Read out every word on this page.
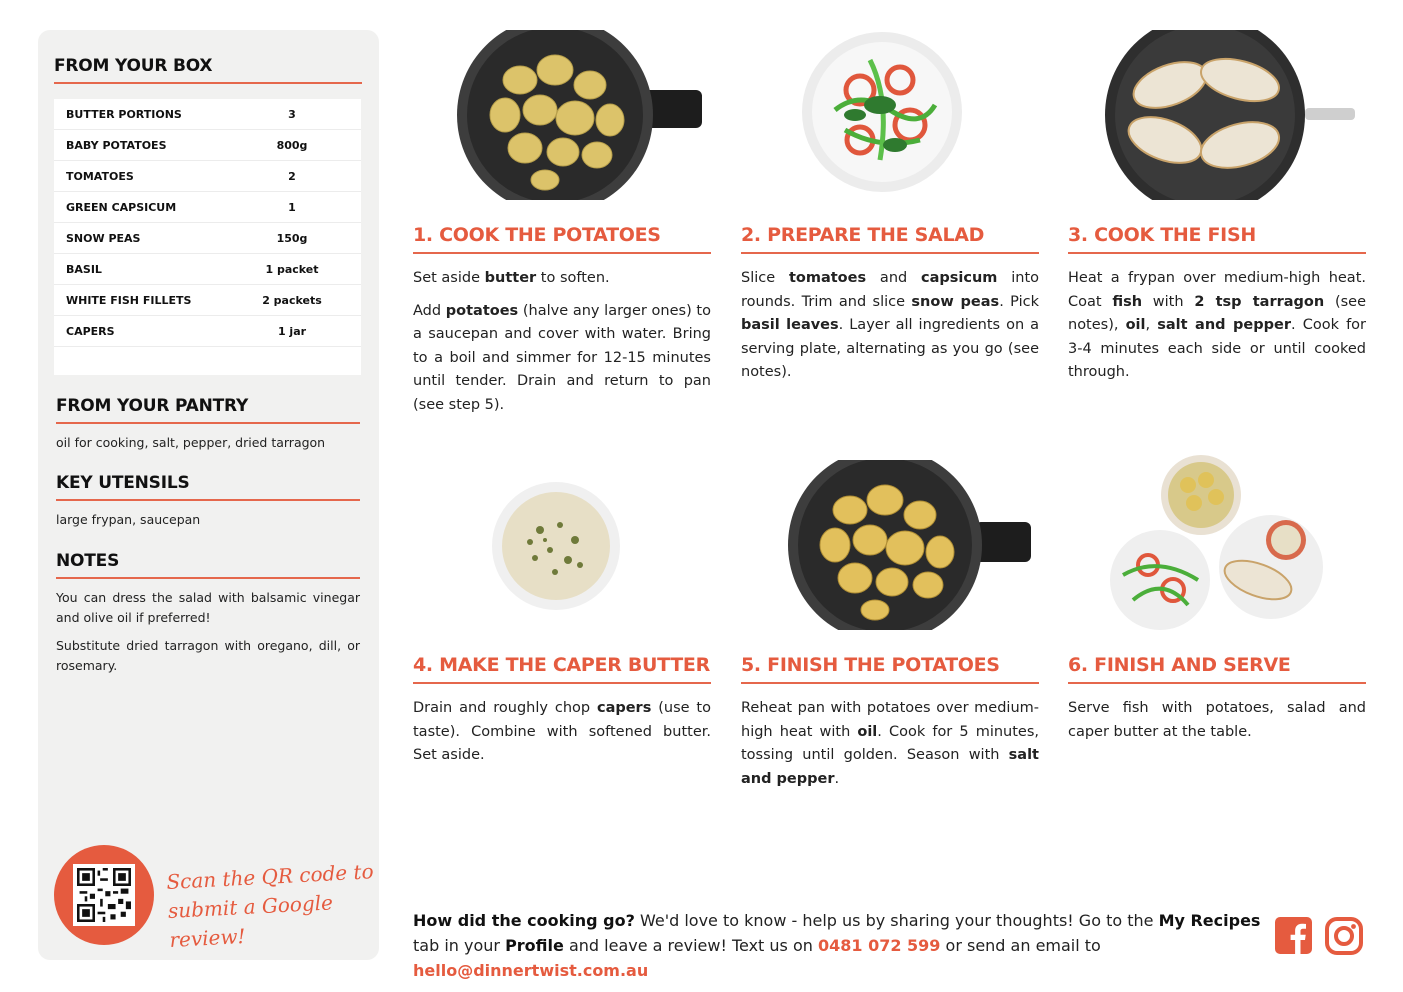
FROM YOUR BOX
BUTTER PORTIONS	3
BABY POTATOES	800g
TOMATOES	2
GREEN CAPSICUM	1
SNOW PEAS	150g
BASIL	1 packet
WHITE FISH FILLETS	2 packets
CAPERS	1 jar
FROM YOUR PANTRY

oil for cooking, salt, pepper, dried tarragon

KEY UTENSILS

large frypan, saucepan

NOTES

You can dress the salad with balsamic vinegar and olive oil if preferred!

Substitute dried tarragon with oregano, dill, or rosemary.

Scan the QR code to
submit a Google review!
1. COOK THE POTATOES

Set aside butter to soften.

Add potatoes (halve any larger ones) to a saucepan and cover with water. Bring to a boil and simmer for 12-15 minutes until tender. Drain and return to pan (see step 5).

2. PREPARE THE SALAD

Slice tomatoes and capsicum into rounds. Trim and slice snow peas. Pick basil leaves. Layer all ingredients on a serving plate, alternating as you go (see notes).

3. COOK THE FISH

Heat a frypan over medium-high heat. Coat fish with 2 tsp tarragon (see notes), oil, salt and pepper. Cook for 3-4 minutes each side or until cooked through.

4. MAKE THE CAPER BUTTER

Drain and roughly chop capers (use to taste). Combine with softened butter. Set aside.

5. FINISH THE POTATOES

Reheat pan with potatoes over medium-high heat with oil. Cook for 5 minutes, tossing until golden. Season with salt and pepper.

6. FINISH AND SERVE

Serve fish with potatoes, salad and caper butter at the table.

How did the cooking go? We'd love to know - help us by sharing your thoughts! Go to the My Recipes tab in your Profile and leave a review! Text us on 0481 072 599 or send an email to hello@dinnertwist.com.au
